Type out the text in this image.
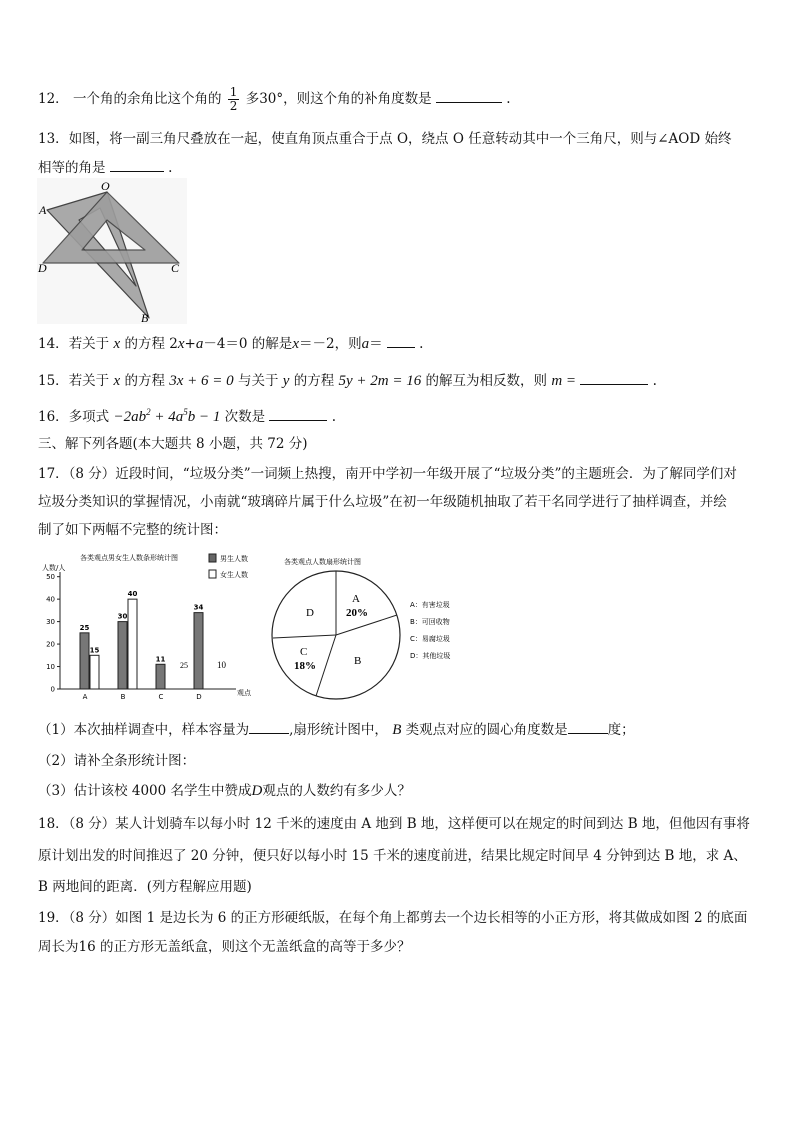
12． 一个角的余角比这个角的 $\frac{1}{2}$ 多30°，则这个角的补角度数是	.
13．如图，将一副三角尺叠放在一起，使直角顶点重合于点 O，绕点 O 任意转动其中一个三角尺，则与∠AOD 始终
相等的角是	.
O
A
D	C
B
14．若关于 x 的方程 2x+a－4＝0 的解是x＝－2，则a＝	.
15．若关于 x 的方程 3x + 6 = 0 与关于 y 的方程 5y + 2m = 16 的解互为相反数，则 m =	.
16．多项式 $-2ab^2 + 4a^5b - 1$ 次数是	.
三、解下列各题(本大题共 8 小题，共 72 分)
17．（8 分）近段时间，“垃圾分类”一词频上热搜，南开中学初一年级开展了“垃圾分类”的主题班会．为了解同学们对
垃圾分类知识的掌握情况，小南就“玻璃碎片属于什么垃圾”在初一年级随机抽取了若干名同学进行了抽样调查，并绘
制了如下两幅不完整的统计图：
各类观点男女生人数条形统计图
人数/人
观点
男生人数
女生人数
0
10
20
30
40
50
25
15
A
30
40
B
11
C
34
D
25	10
各类观点人数扇形统计图
A
20%
B
C
18%
D
A：有害垃圾
B：可回收物
C：易腐垃圾
D：其他垃圾
（1）本次抽样调查中，样本容量为	,扇形统计图中， B 类观点对应的圆心角度数是	度；
（2）请补全条形统计图：
（3）估计该校 4000 名学生中赞成D观点的人数约有多少人？
18．（8 分）某人计划骑车以每小时 12 千米的速度由 A 地到 B 地，这样便可以在规定的时间到达 B 地，但他因有事将
原计划出发的时间推迟了 20 分钟，便只好以每小时 15 千米的速度前进，结果比规定时间早 4 分钟到达 B 地，求 A、
B 两地间的距离．(列方程解应用题)
19．（8 分）如图 1 是边长为 6 的正方形硬纸版，在每个角上都剪去一个边长相等的小正方形，将其做成如图 2 的底面
周长为16 的正方形无盖纸盒，则这个无盖纸盒的高等于多少？
